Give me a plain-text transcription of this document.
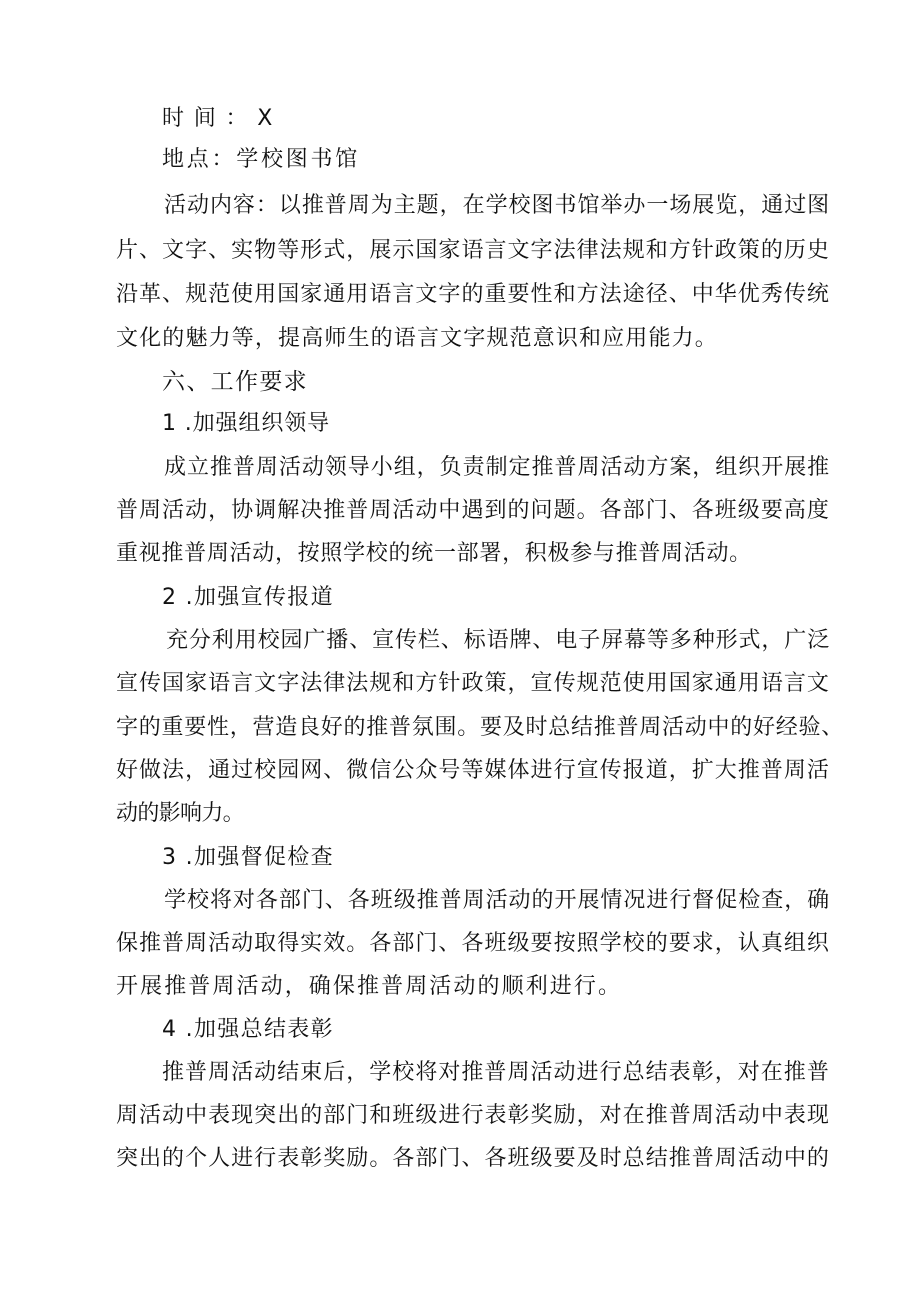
时间：X
地点：学校图书馆
活动内容：以推普周为主题，在学校图书馆举办一场展览，通过图
片、文字、实物等形式，展示国家语言文字法律法规和方针政策的历史
沿革、规范使用国家通用语言文字的重要性和方法途径、中华优秀传统
文化的魅力等，提高师生的语言文字规范意识和应用能力。
六、工作要求
1 .加强组织领导
成立推普周活动领导小组，负责制定推普周活动方案，组织开展推
普周活动，协调解决推普周活动中遇到的问题。各部门、各班级要高度
重视推普周活动，按照学校的统一部署，积极参与推普周活动。
2 .加强宣传报道
充分利用校园广播、宣传栏、标语牌、电子屏幕等多种形式，广泛
宣传国家语言文字法律法规和方针政策，宣传规范使用国家通用语言文
字的重要性，营造良好的推普氛围。要及时总结推普周活动中的好经验、
好做法，通过校园网、微信公众号等媒体进行宣传报道，扩大推普周活
动的影响力。
3 .加强督促检查
学校将对各部门、各班级推普周活动的开展情况进行督促检查，确
保推普周活动取得实效。各部门、各班级要按照学校的要求，认真组织
开展推普周活动，确保推普周活动的顺利进行。
4 .加强总结表彰
推普周活动结束后，学校将对推普周活动进行总结表彰，对在推普
周活动中表现突出的部门和班级进行表彰奖励，对在推普周活动中表现
突出的个人进行表彰奖励。各部门、各班级要及时总结推普周活动中的
